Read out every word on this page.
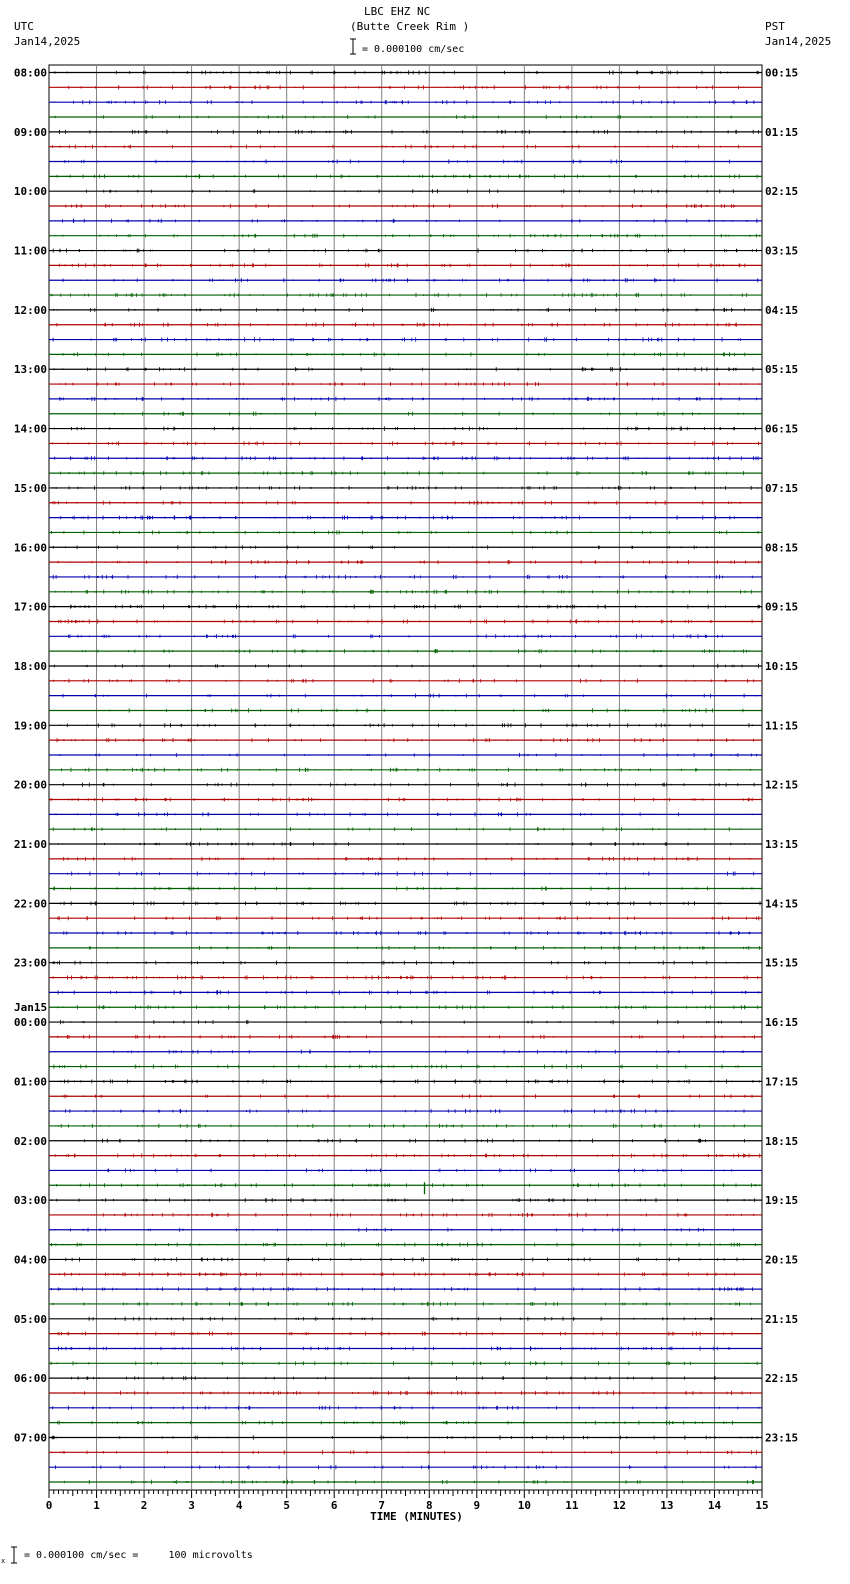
UTC
Jan14,2025
LBC EHZ NC
(Butte Creek Rim )	PST
Jan14,2025
= 0.000100 cm/sec
08:00
09:00
10:00
11:00
12:00
13:00
14:00
15:00
16:00
17:00
18:00
19:00
20:00
21:00
22:00
23:00
00:00
01:00
02:00
03:00
04:00
05:00
06:00
07:00
Jan15
00:15
01:15
02:15
03:15
04:15
05:15
06:15
07:15
08:15
09:15
10:15
11:15
12:15
13:15
14:15
15:15
16:15
17:15
18:15
19:15
20:15
21:15
22:15
23:15
0	1	2	3	4	5	6	7	8	9	10	11	12	13	14	15
TIME (MINUTES)
x = 0.000100 cm/sec =     100 microvolts
